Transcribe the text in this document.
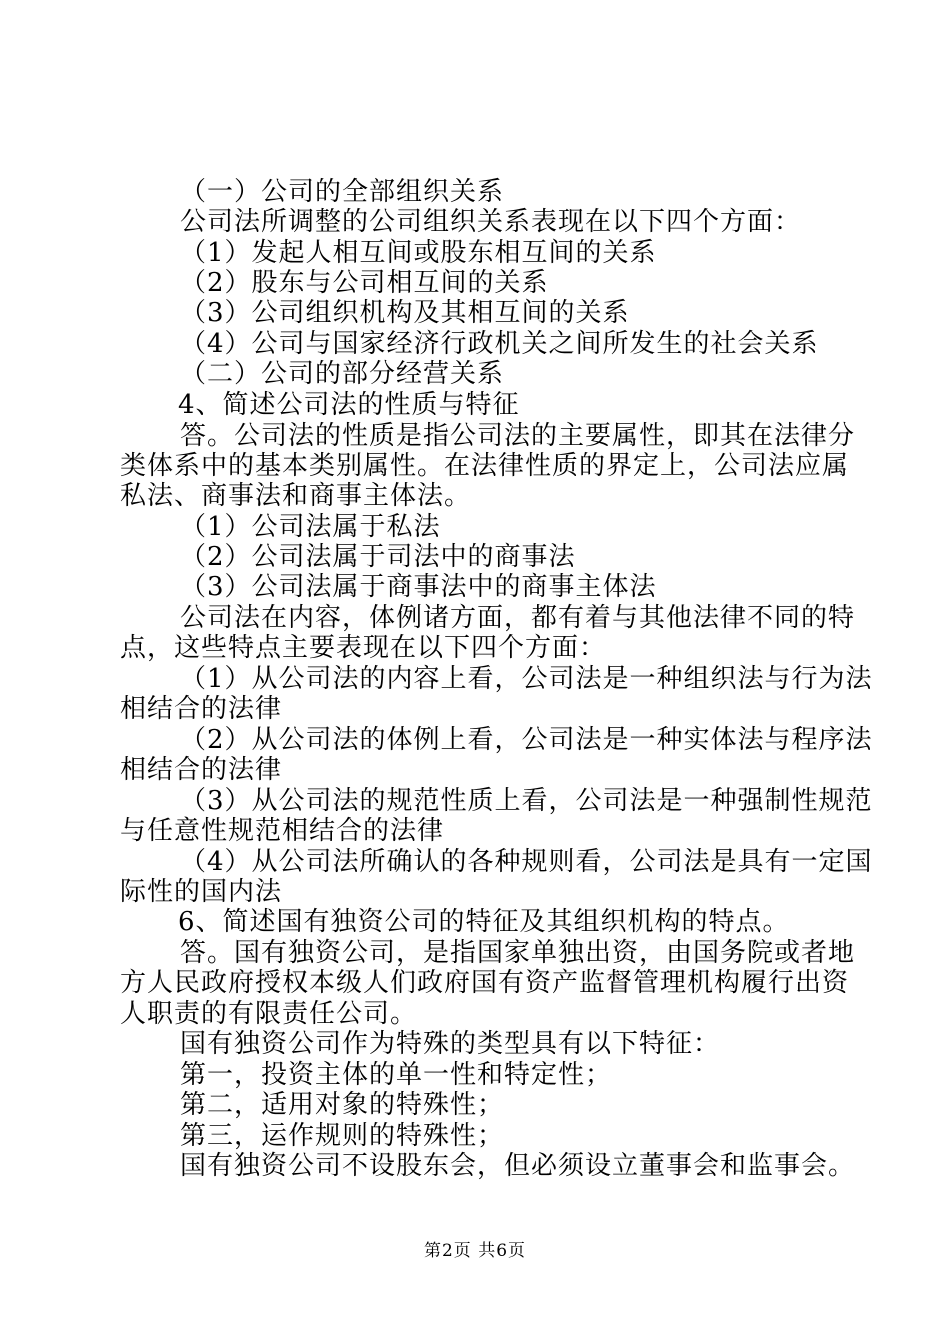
（一）公司的全部组织关系
公司法所调整的公司组织关系表现在以下四个方面：
（1）发起人相互间或股东相互间的关系
（2）股东与公司相互间的关系
（3）公司组织机构及其相互间的关系
（4）公司与国家经济行政机关之间所发生的社会关系
（二）公司的部分经营关系
4、简述公司法的性质与特征
答。公司法的性质是指公司法的主要属性，即其在法律分
类体系中的基本类别属性。在法律性质的界定上，公司法应属
私法、商事法和商事主体法。
（1）公司法属于私法
（2）公司法属于司法中的商事法
（3）公司法属于商事法中的商事主体法
公司法在内容，体例诸方面，都有着与其他法律不同的特
点，这些特点主要表现在以下四个方面：
（1）从公司法的内容上看，公司法是一种组织法与行为法
相结合的法律
（2）从公司法的体例上看，公司法是一种实体法与程序法
相结合的法律
（3）从公司法的规范性质上看，公司法是一种强制性规范
与任意性规范相结合的法律
（4）从公司法所确认的各种规则看，公司法是具有一定国
际性的国内法
6、简述国有独资公司的特征及其组织机构的特点。
答。国有独资公司，是指国家单独出资，由国务院或者地
方人民政府授权本级人们政府国有资产监督管理机构履行出资
人职责的有限责任公司。
国有独资公司作为特殊的类型具有以下特征：
第一，投资主体的单一性和特定性；
第二，适用对象的特殊性；
第三，运作规则的特殊性；
国有独资公司不设股东会，但必须设立董事会和监事会。
第2页 共6页
